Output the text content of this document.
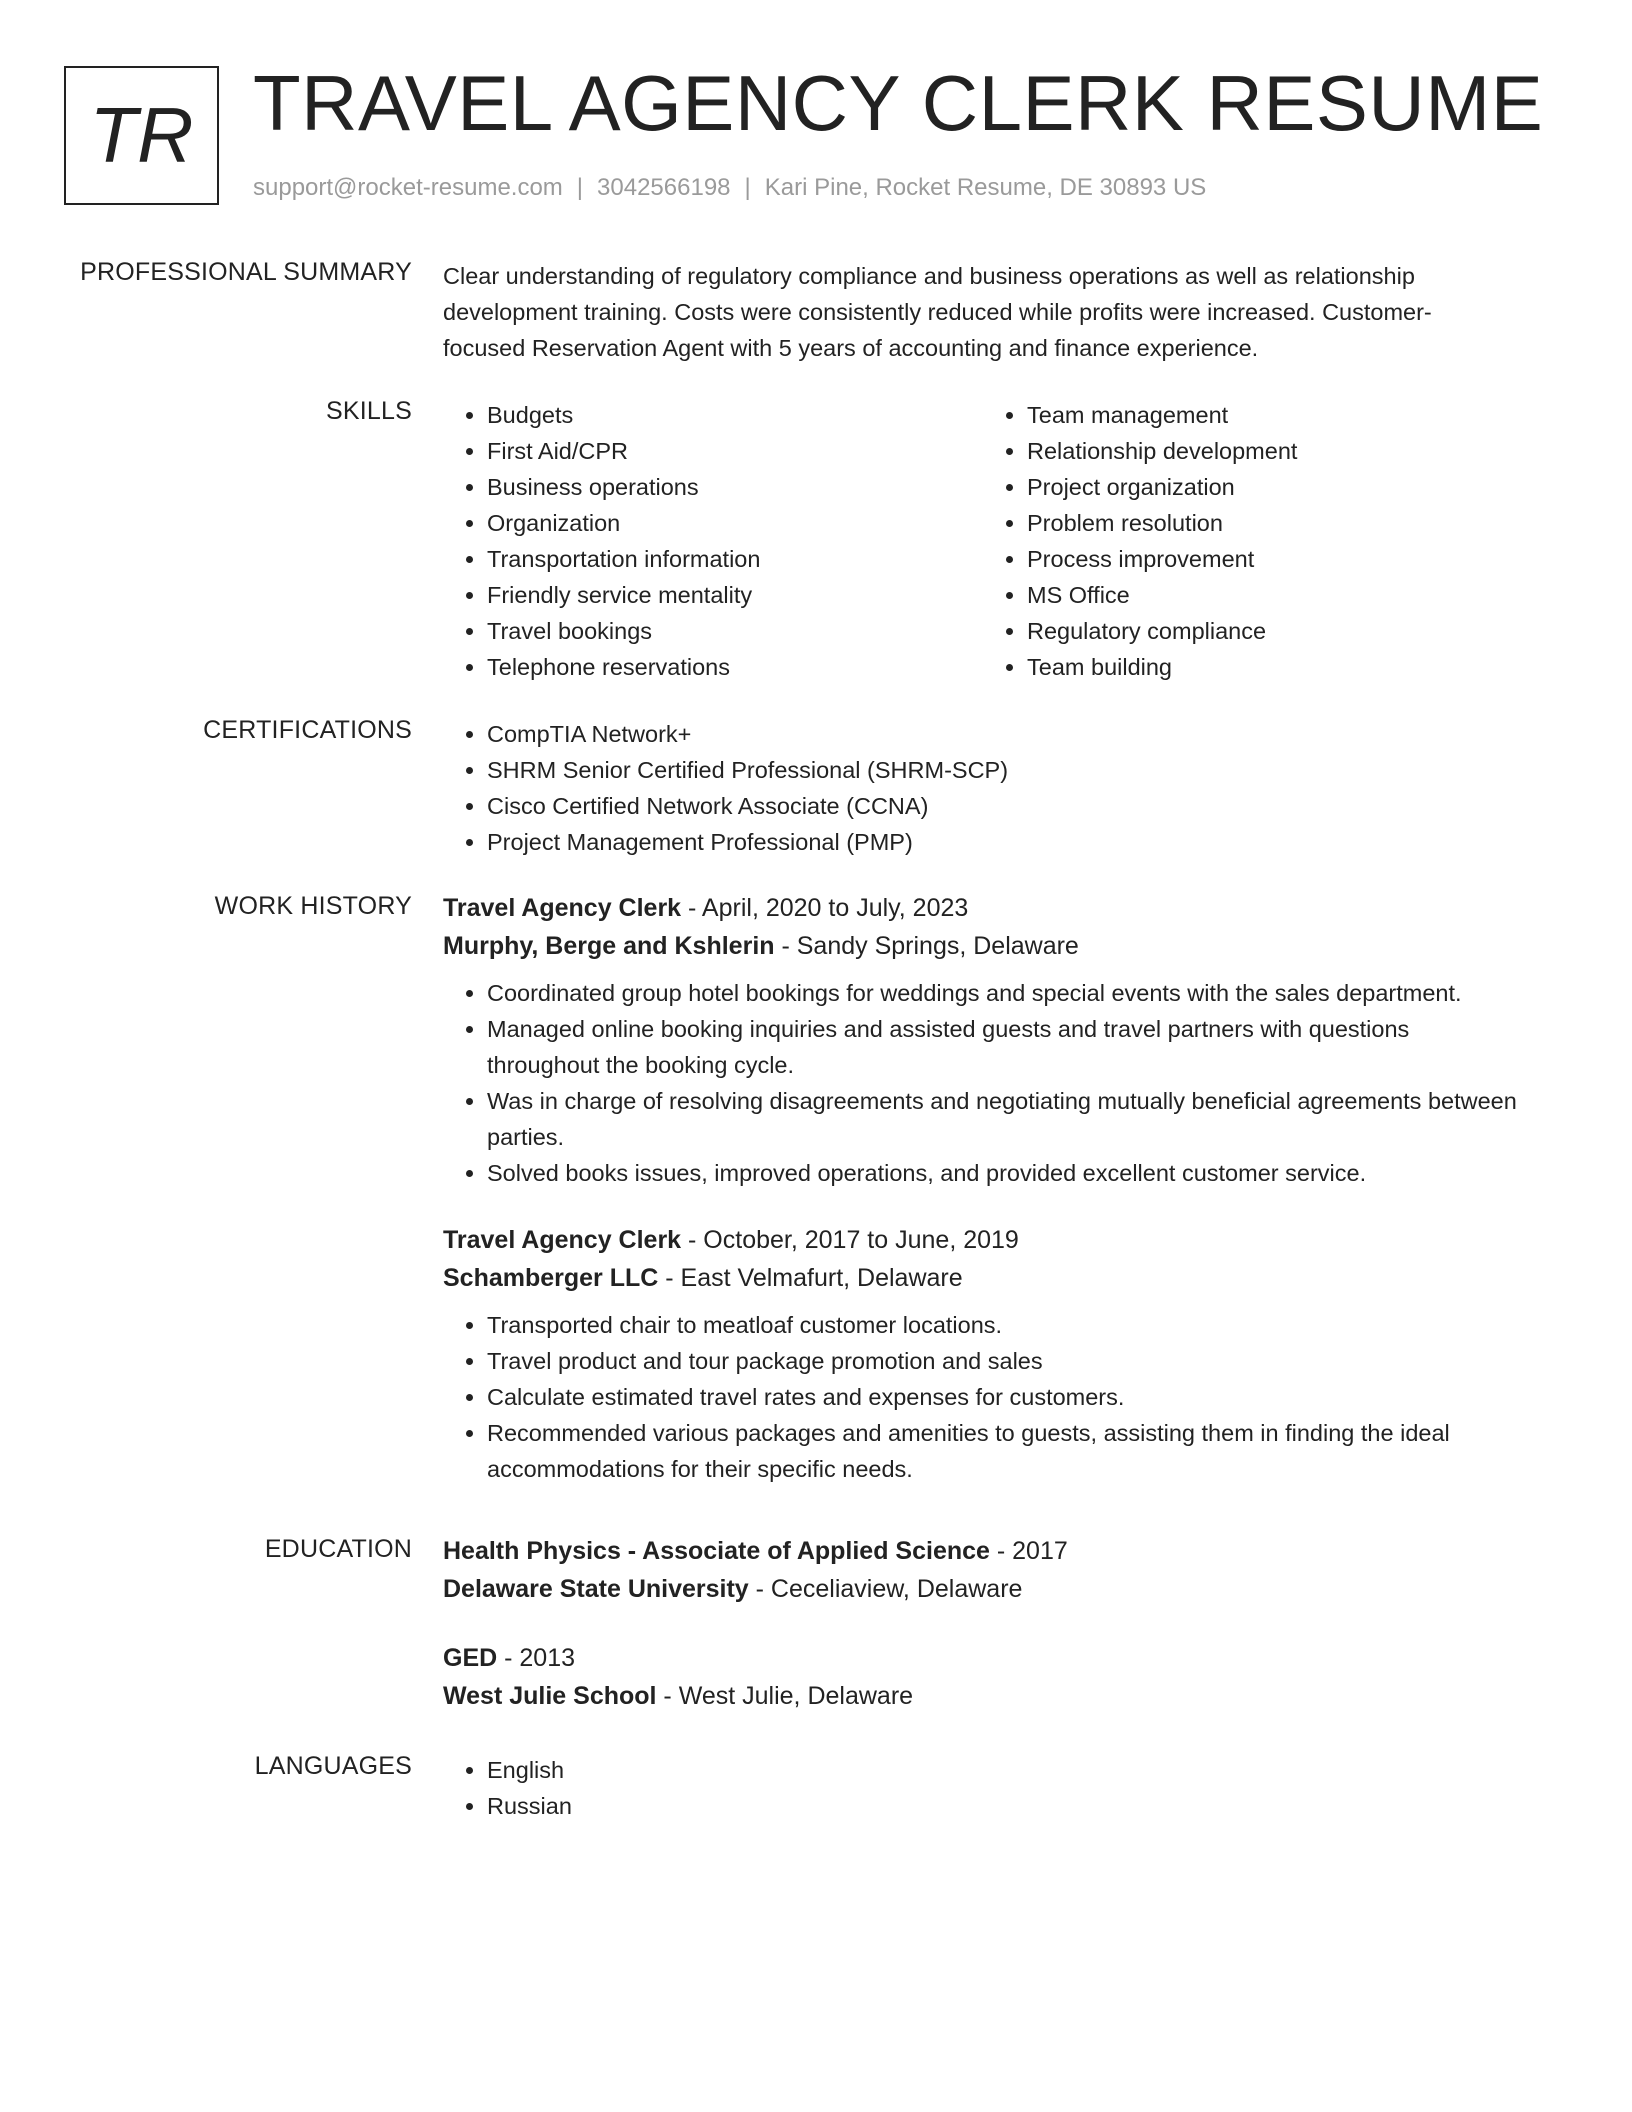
TR TRAVEL AGENCY CLERK RESUME
support@rocket-resume.com | 3042566198 | Kari Pine, Rocket Resume, DE 30893 US
PROFESSIONAL SUMMARY Clear understanding of regulatory compliance and business operations as well as relationship development training. Costs were consistently reduced while profits were increased. Customer-focused Reservation Agent with 5 years of accounting and finance experience.
SKILLS	• Budgets
• First Aid/CPR
• Business operations
• Organization
• Transportation information
• Friendly service mentality
• Travel bookings
• Telephone reservations
• Team management
• Relationship development
• Project organization
• Problem resolution
• Process improvement
• MS Office
• Regulatory compliance
• Team building
CERTIFICATIONS	• CompTIA Network+
• SHRM Senior Certified Professional (SHRM-SCP)
• Cisco Certified Network Associate (CCNA)
• Project Management Professional (PMP)
WORK HISTORY Travel Agency Clerk - April, 2020 to July, 2023
Murphy, Berge and Kshlerin - Sandy Springs, Delaware
• Coordinated group hotel bookings for weddings and special events with the sales department.
• Managed online booking inquiries and assisted guests and travel partners with questions throughout the booking cycle.
• Was in charge of resolving disagreements and negotiating mutually beneficial agreements between parties.
• Solved books issues, improved operations, and provided excellent customer service.
Travel Agency Clerk - October, 2017 to June, 2019
Schamberger LLC - East Velmafurt, Delaware
• Transported chair to meatloaf customer locations.
• Travel product and tour package promotion and sales
• Calculate estimated travel rates and expenses for customers.
• Recommended various packages and amenities to guests, assisting them in finding the ideal accommodations for their specific needs.
EDUCATION Health Physics - Associate of Applied Science - 2017
Delaware State University - Ceceliaview, Delaware
GED - 2013
West Julie School - West Julie, Delaware
LANGUAGES	• English
• Russian
